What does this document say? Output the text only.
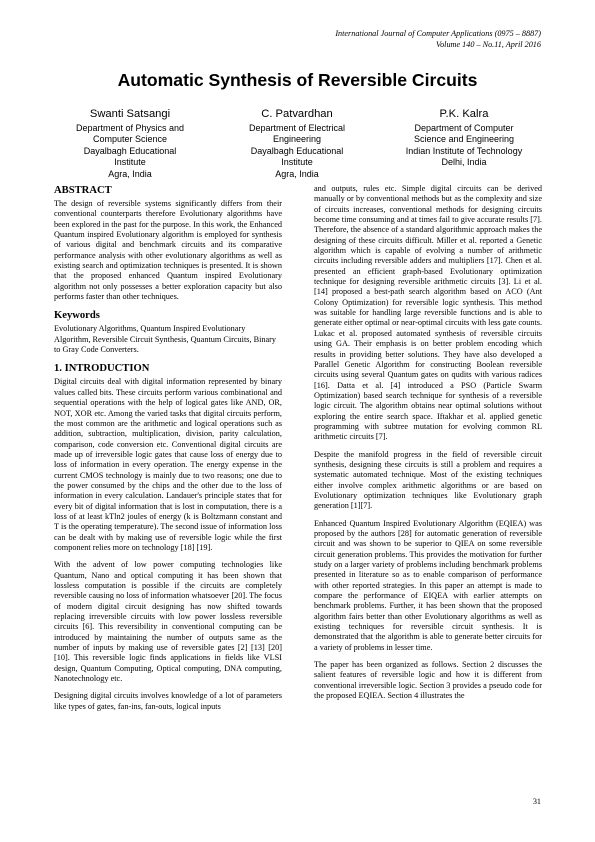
International Journal of Computer Applications (0975 – 8887)
Volume 140 – No.11, April 2016
Automatic Synthesis of Reversible Circuits
Swanti Satsangi
Department of Physics and
Computer Science
Dayalbagh Educational
Institute
Agra, India
C. Patvardhan
Department of Electrical
Engineering
Dayalbagh Educational
Institute
Agra, India
P.K. Kalra
Department of Computer
Science and Engineering
Indian Institute of Technology
Delhi, India
ABSTRACT

The design of reversible systems significantly differs from their conventional counterparts therefore Evolutionary algorithms have been explored in the past for the purpose. In this work, the Enhanced Quantum inspired Evolutionary algorithm is employed for synthesis of various digital and benchmark circuits and its comparative performance analysis with other evolutionary algorithms as well as existing search and optimization techniques is presented. It is shown that the proposed enhanced Quantum inspired Evolutionary algorithm not only possesses a better exploration capacity but also performs faster than other techniques.

Keywords

Evolutionary Algorithms, Quantum Inspired Evolutionary Algorithm, Reversible Circuit Synthesis, Quantum Circuits, Binary to Gray Code Converters.

1. INTRODUCTION

Digital circuits deal with digital information represented by binary values called bits. These circuits perform various combinational and sequential operations with the help of logical gates like AND, OR, NOT, XOR etc. Among the varied tasks that digital circuits perform, the most common are the arithmetic and logical operations such as addition, subtraction, multiplication, division, parity calculation, comparison, code conversion etc. Conventional digital circuits are made up of irreversible logic gates that cause loss of energy due to loss of information in every operation. The energy expense in the current CMOS technology is mainly due to two reasons; one due to the power consumed by the chips and the other due to the loss of information in every calculation. Landauer's principle states that for every bit of digital information that is lost in computation, there is a loss of at least kTln2 joules of energy (k is Boltzmann constant and T is the operating temperature). The second issue of information loss can be dealt with by making use of reversible logic while the first component relies more on technology [18] [19].

With the advent of low power computing technologies like Quantum, Nano and optical computing it has been shown that lossless computation is possible if the circuits are completely reversible causing no loss of information whatsoever [20]. The focus of modern digital circuit designing has now shifted towards replacing irreversible circuits with low power lossless reversible circuits [6]. This reversibility in conventional computing can be introduced by maintaining the number of outputs same as the number of inputs by making use of reversible gates [2] [13] [20] [10]. This reversible logic finds applications in fields like VLSI design, Quantum Computing, Optical computing, DNA computing, Nanotechnology etc.

Designing digital circuits involves knowledge of a lot of parameters like types of gates, fan-ins, fan-outs, logical inputs

and outputs, rules etc. Simple digital circuits can be derived manually or by conventional methods but as the complexity and size of circuits increases, conventional methods for designing circuits become time consuming and at times fail to give accurate results [7]. Therefore, the absence of a standard algorithmic approach makes the designing of these circuits difficult. Miller et al. reported a Genetic algorithm which is capable of evolving a number of arithmetic circuits including reversible adders and multipliers [17]. Chen et al. presented an efficient graph-based Evolutionary optimization technique for designing reversible arithmetic circuits [3]. Li et al. [14] proposed a best-path search algorithm based on ACO (Ant Colony Optimization) for reversible logic synthesis. This method was suitable for handling large reversible functions and is able to generate either optimal or near-optimal circuits with less gate counts. Lukac et al. proposed automated synthesis of reversible circuits using GA. Their emphasis is on better problem encoding which results in providing better solutions. They have also developed a Parallel Genetic Algorithm for constructing Boolean reversible circuits using several Quantum gates on qudits with various radices [16]. Datta et al. [4] introduced a PSO (Particle Swarm Optimization) based search technique for synthesis of a reversible logic circuit. The algorithm obtains near optimal solutions without exploring the entire search space. Iftakhar et al. applied genetic programming with subtree mutation for evolving common RL arithmetic circuits [7].

Despite the manifold progress in the field of reversible circuit synthesis, designing these circuits is still a problem and requires a systematic automated technique. Most of the existing techniques either involve complex arithmetic algorithms or are based on Evolutionary optimization techniques like Evolutionary graph generation [1][7].

Enhanced Quantum Inspired Evolutionary Algorithm (EQIEA) was proposed by the authors [28] for automatic generation of reversible circuit and was shown to be superior to QIEA on some reversible circuit generation problems. This provides the motivation for further study on a larger variety of problems including benchmark problems presented in literature so as to enable comparison of performance with other reported strategies. In this paper an attempt is made to compare the performance of EIQEA with earlier attempts on benchmark problems. Further, it has been shown that the proposed algorithm fairs better than other Evolutionary algorithms as well as existing techniques for reversible circuit synthesis. It is demonstrated that the algorithm is able to generate better circuits for a variety of problems in lesser time.

The paper has been organized as follows. Section 2 discusses the salient features of reversible logic and how it is different from conventional irreversible logic. Section 3 provides a pseudo code for the proposed EQIEA. Section 4 illustrates the

31
